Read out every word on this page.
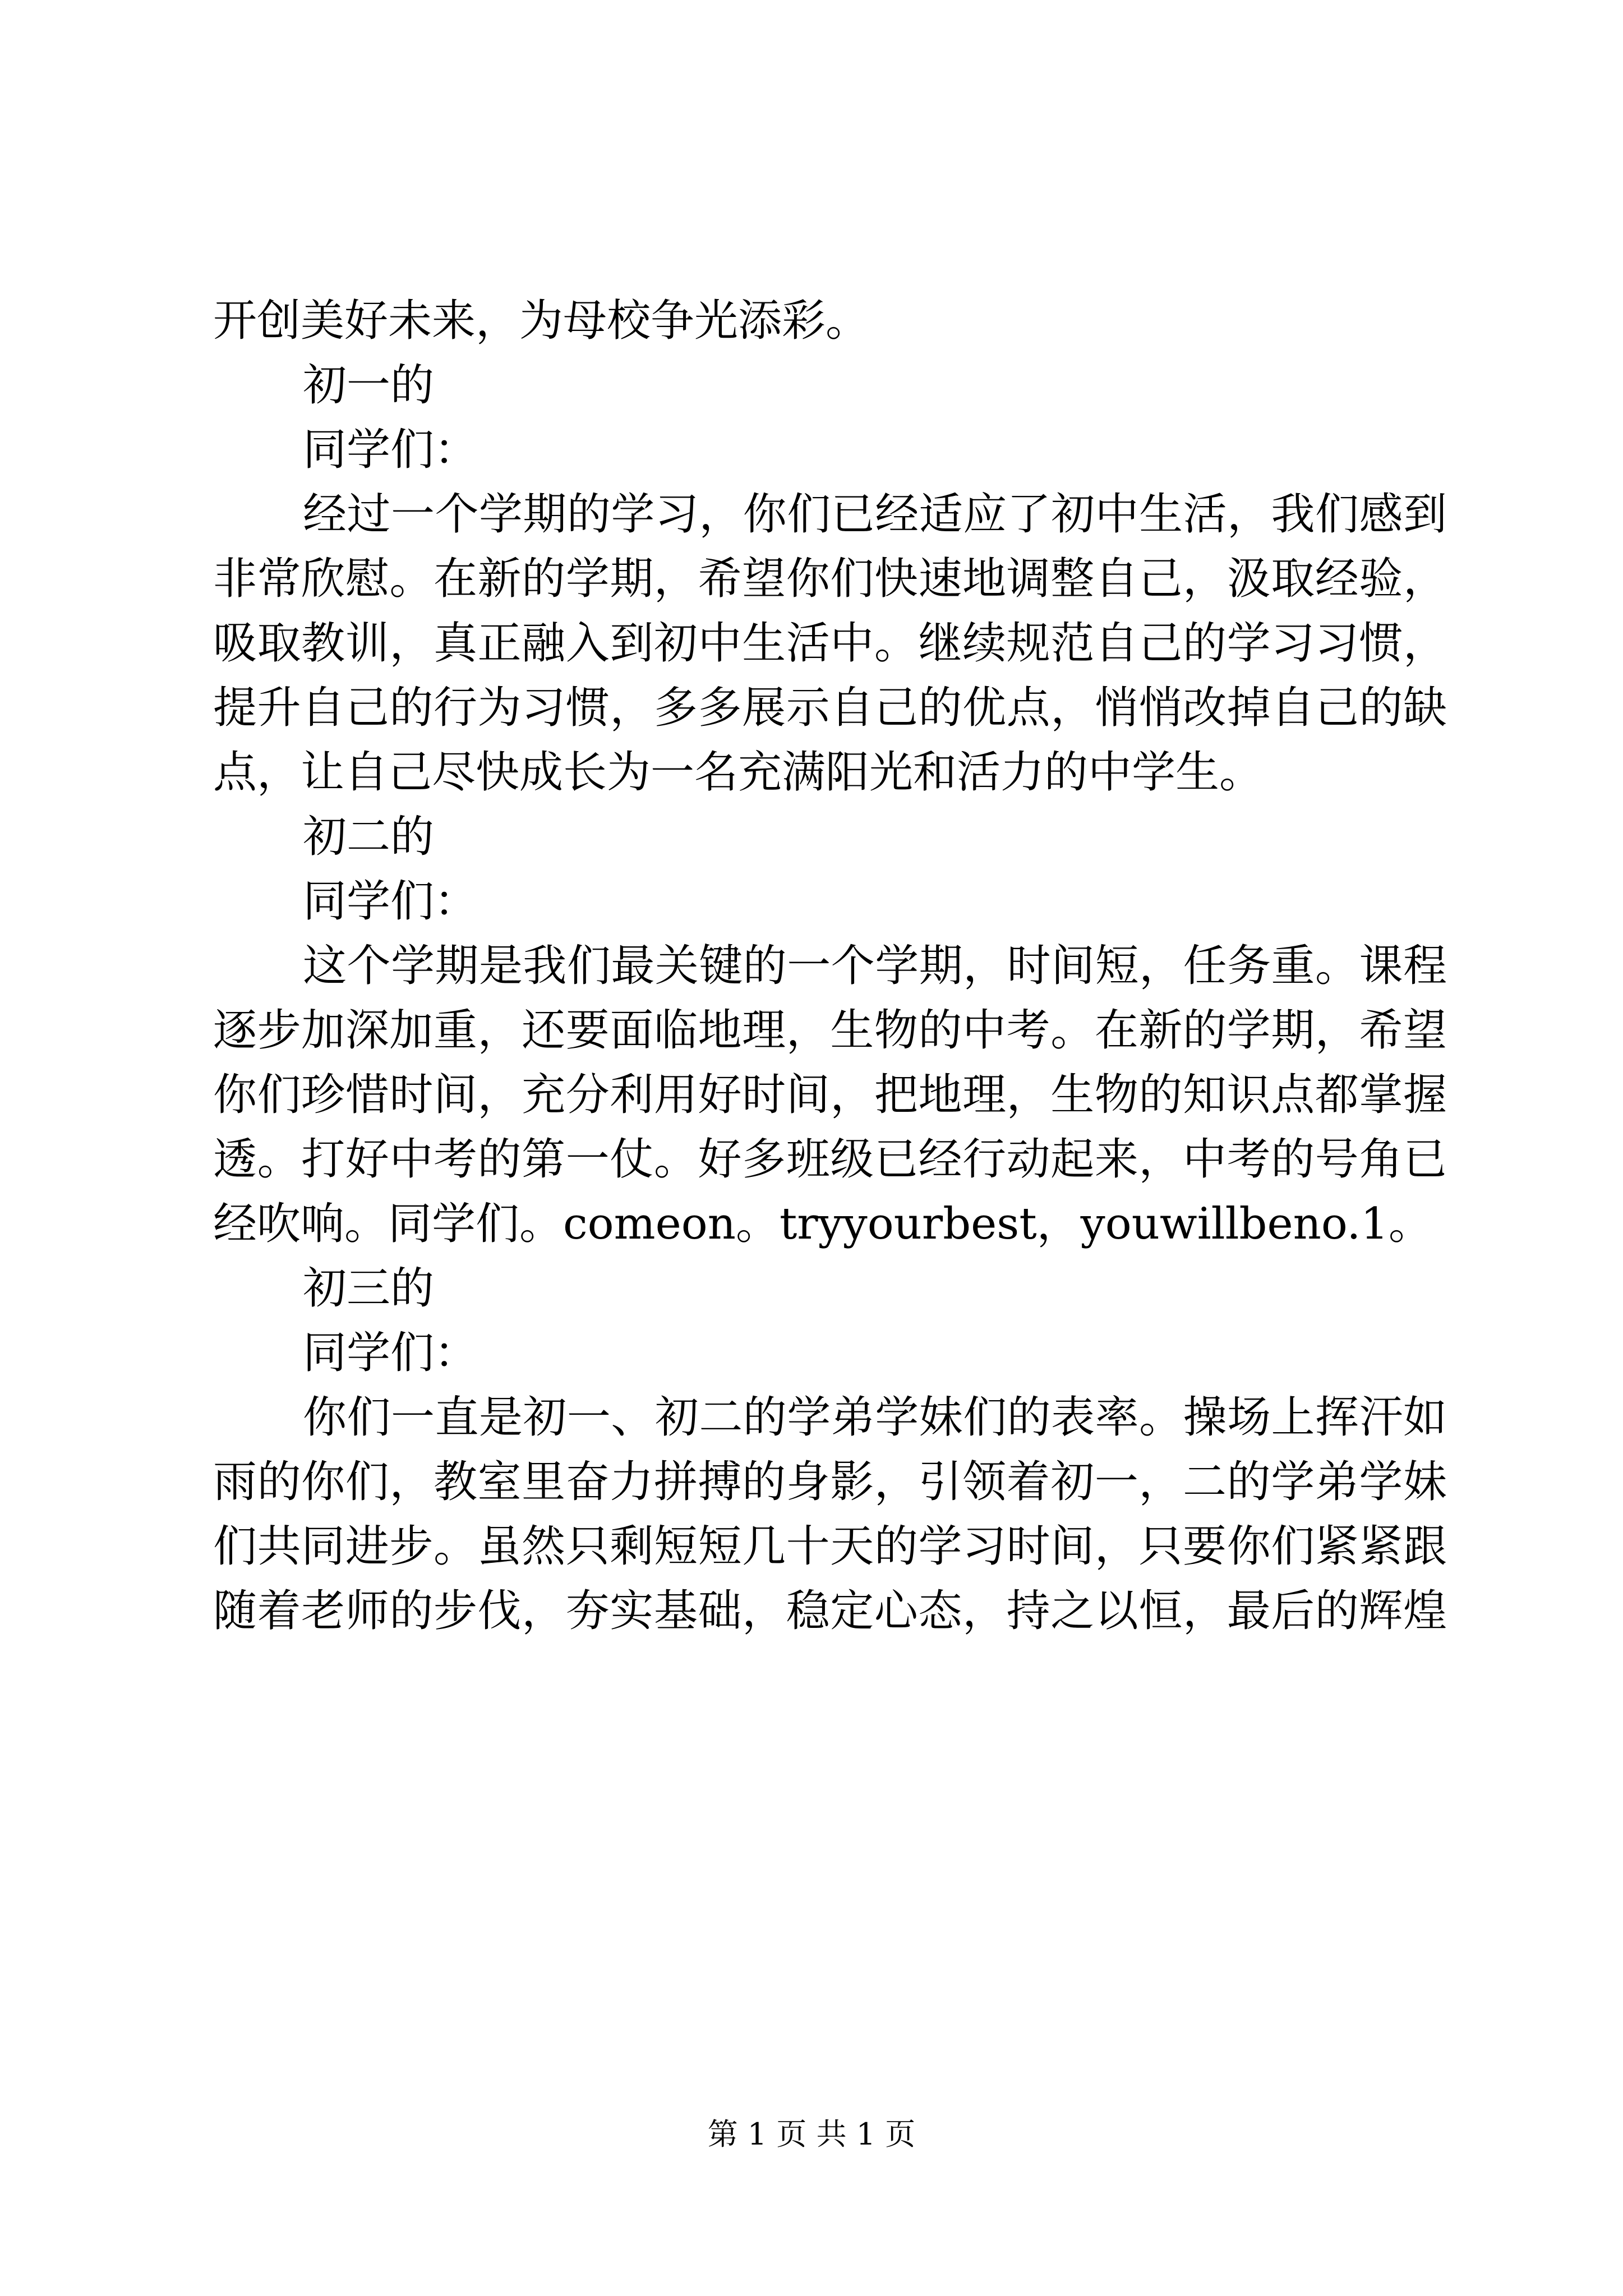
开创美好未来，为母校争光添彩。

初一的

同学们：

经过一个学期的学习，你们已经适应了初中生活，我们感到

非常欣慰。在新的学期，希望你们快速地调整自己，汲取经验，

吸取教训，真正融入到初中生活中。继续规范自己的学习习惯，

提升自己的行为习惯，多多展示自己的优点，悄悄改掉自己的缺

点，让自己尽快成长为一名充满阳光和活力的中学生。

初二的

同学们：

这个学期是我们最关键的一个学期，时间短，任务重。课程

逐步加深加重，还要面临地理，生物的中考。在新的学期，希望

你们珍惜时间，充分利用好时间，把地理，生物的知识点都掌握

透。打好中考的第一仗。好多班级已经行动起来，中考的号角已

经吹响。同学们。comeon。tryyourbest，youwillbeno.1。

初三的

同学们：

你们一直是初一、初二的学弟学妹们的表率。操场上挥汗如

雨的你们，教室里奋力拼搏的身影，引领着初一，二的学弟学妹

们共同进步。虽然只剩短短几十天的学习时间，只要你们紧紧跟

随着老师的步伐，夯实基础，稳定心态，持之以恒，最后的辉煌

第 1 页 共 1 页
